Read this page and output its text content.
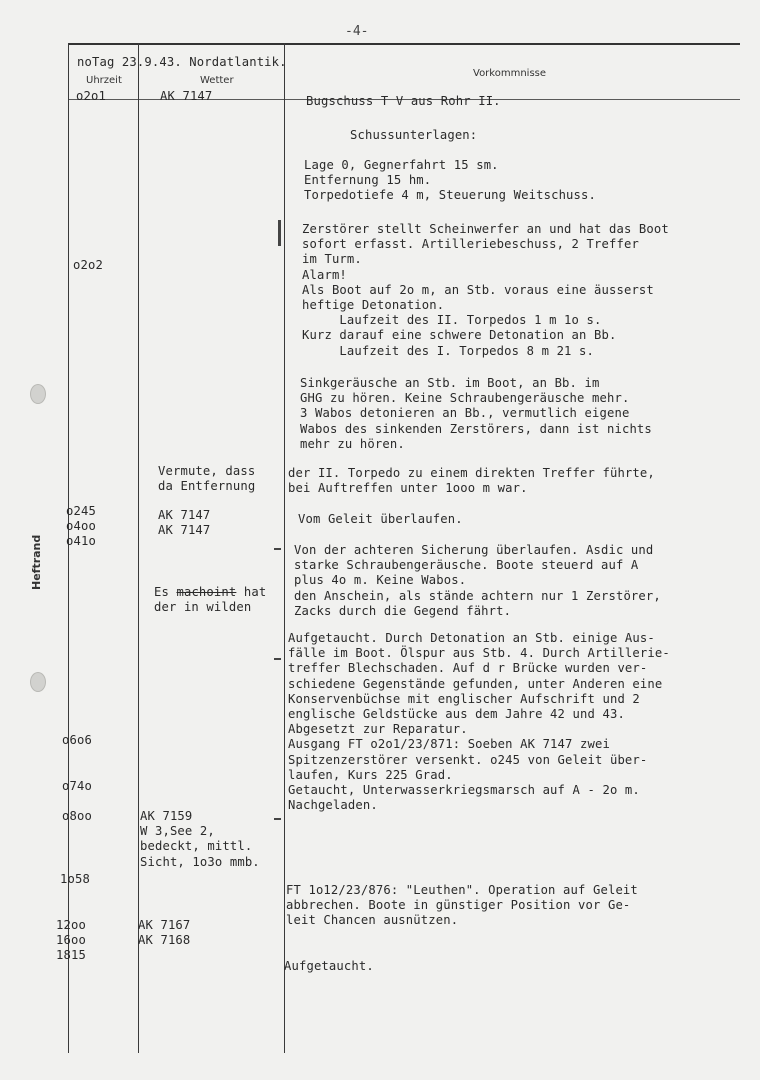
-4-
noTag 23.9.43. Nordatlantik.
Uhrzeit	Wetter
Vorkommnisse
Heftrand
o2o1
o2o2
o245
o4oo
o41o
o6o6
o74o
o8oo
1o58
12oo
16oo
1815
AK 7147
Vermute, dass
da Entfernung
AK 7147
AK 7147
Es machoint hat
der in wilden
AK 7159
W 3,See 2,
bedeckt, mittl.
Sicht, 1o3o mmb.
AK 7167
AK 7168
Bugschuss T V aus Rohr II.
Schussunterlagen:
Lage 0, Gegnerfahrt 15 sm.
Entfernung 15 hm.
Torpedotiefe 4 m, Steuerung Weitschuss.
Zerstörer stellt Scheinwerfer an und hat das Boot
sofort erfasst. Artilleriebeschuss, 2 Treffer
im Turm.
Alarm!
Als Boot auf 2o m, an Stb. voraus eine äusserst
heftige Detonation.
Laufzeit des II. Torpedos 1 m 1o s.
Kurz darauf eine schwere Detonation an Bb.
Laufzeit des I. Torpedos 8 m 21 s.
Sinkgeräusche an Stb. im Boot, an Bb. im
GHG zu hören. Keine Schraubengeräusche mehr.
3 Wabos detonieren an Bb., vermutlich eigene
Wabos des sinkenden Zerstörers, dann ist nichts
mehr zu hören.
der II. Torpedo zu einem direkten Treffer führte,
bei Auftreffen unter 1ooo m war.
Vom Geleit überlaufen.
Von der achteren Sicherung überlaufen. Asdic und
starke Schraubengeräusche. Boote steuerd auf A
plus 4o m. Keine Wabos.
den Anschein, als stände achtern nur 1 Zerstörer,
Zacks durch die Gegend fährt.
Aufgetaucht. Durch Detonation an Stb. einige Aus-
fälle im Boot. Ölspur aus Stb. 4. Durch Artillerie-
treffer Blechschaden. Auf d r Brücke wurden ver-
schiedene Gegenstände gefunden, unter Anderen eine
Konservenbüchse mit englischer Aufschrift und 2
englische Geldstücke aus dem Jahre 42 und 43.
Abgesetzt zur Reparatur.
Ausgang FT o2o1/23/871: Soeben AK 7147 zwei
Spitzenzerstörer versenkt. o245 von Geleit über-
laufen, Kurs 225 Grad.
Getaucht, Unterwasserkriegsmarsch auf A - 2o m.
Nachgeladen.
FT 1o12/23/876: "Leuthen". Operation auf Geleit
abbrechen. Boote in günstiger Position vor Ge-
leit Chancen ausnützen.
Aufgetaucht.
